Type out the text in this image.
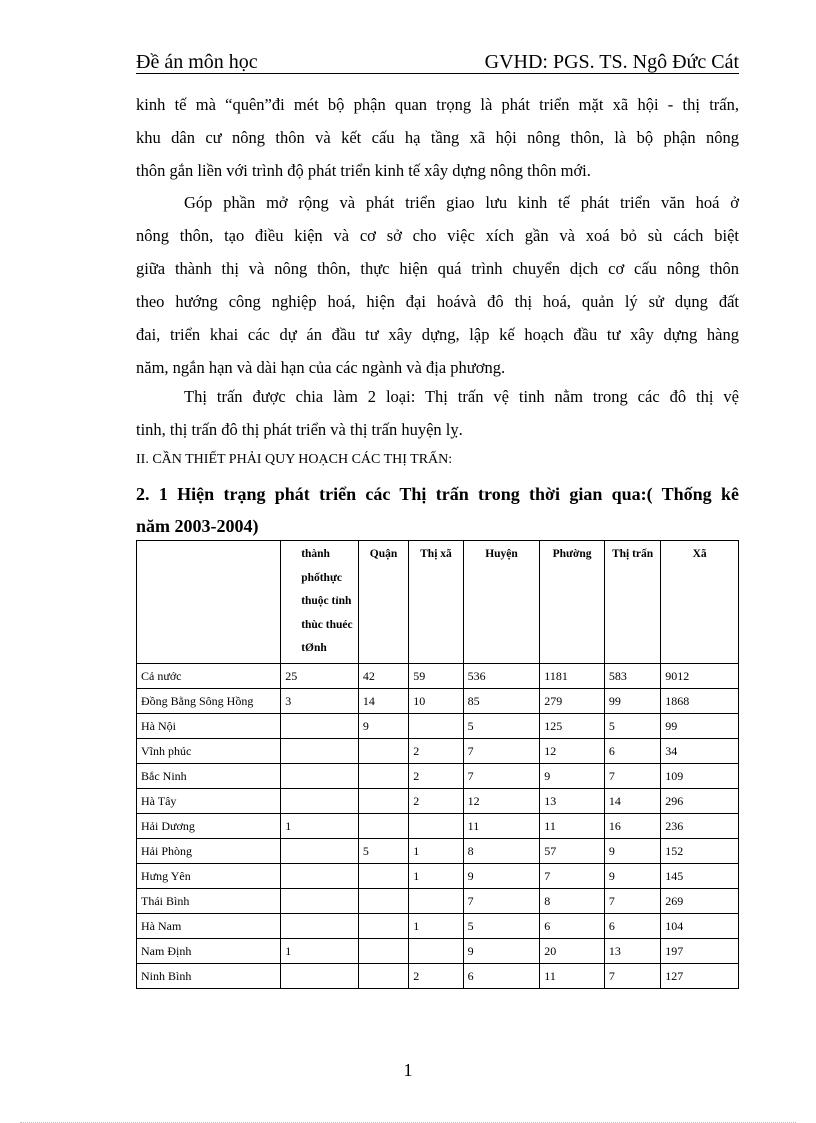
Đề án môn học	GVHD: PGS. TS. Ngô Đức Cát
kinh tế mà “quên”đi mét bộ phận quan trọng là phát triển mặt xã hội - thị trấn,
khu dân cư nông thôn và kết cấu hạ tầng xã hội nông thôn, là bộ phận nông
thôn gắn liền với trình độ phát triển kinh tế xây dựng nông thôn mới.
Góp phần mở rộng và phát triển giao lưu kinh tế phát triển văn hoá ở
nông thôn, tạo điều kiện và cơ sở cho việc xích gần và xoá bỏ sù cách biệt
giữa thành thị và nông thôn, thực hiện quá trình chuyển dịch cơ cấu nông thôn
theo hướng công nghiệp hoá, hiện đại hoávà đô thị hoá, quản lý sử dụng đất
đai, triển khai các dự án đầu tư xây dựng, lập kế hoạch đầu tư xây dựng hàng
năm, ngắn hạn và dài hạn của các ngành và địa phương.
Thị trấn được chia làm 2 loại: Thị trấn vệ tinh nằm trong các đô thị vệ
tinh, thị trấn đô thị phát triển và thị trấn huyện lỵ.

II. CẦN THIẾT PHẢI QUY HOẠCH CÁC THỊ TRẤN:

2. 1 Hiện trạng phát triển các Thị trấn trong thời gian qua:( Thống kê
năm 2003-2004)
	thành phốthực thuộc tỉnh thùc thuéc tØnh	Quận	Thị xã	Huyện	Phường	Thị trấn	Xã
Cả nước	25	42	59	536	1181	583	9012
Đồng Bằng Sông Hồng	3	14	10	85	279	99	1868
Hà Nội		9		5	125	5	99
Vĩnh phúc			2	7	12	6	34
Bắc Ninh			2	7	9	7	109
Hà Tây			2	12	13	14	296
Hải Dương	1			11	11	16	236
Hải Phòng		5	1	8	57	9	152
Hưng Yên			1	9	7	9	145
Thái Bình				7	8	7	269
Hà Nam			1	5	6	6	104
Nam Định	1			9	20	13	197
Ninh Bình			2	6	11	7	127
1
